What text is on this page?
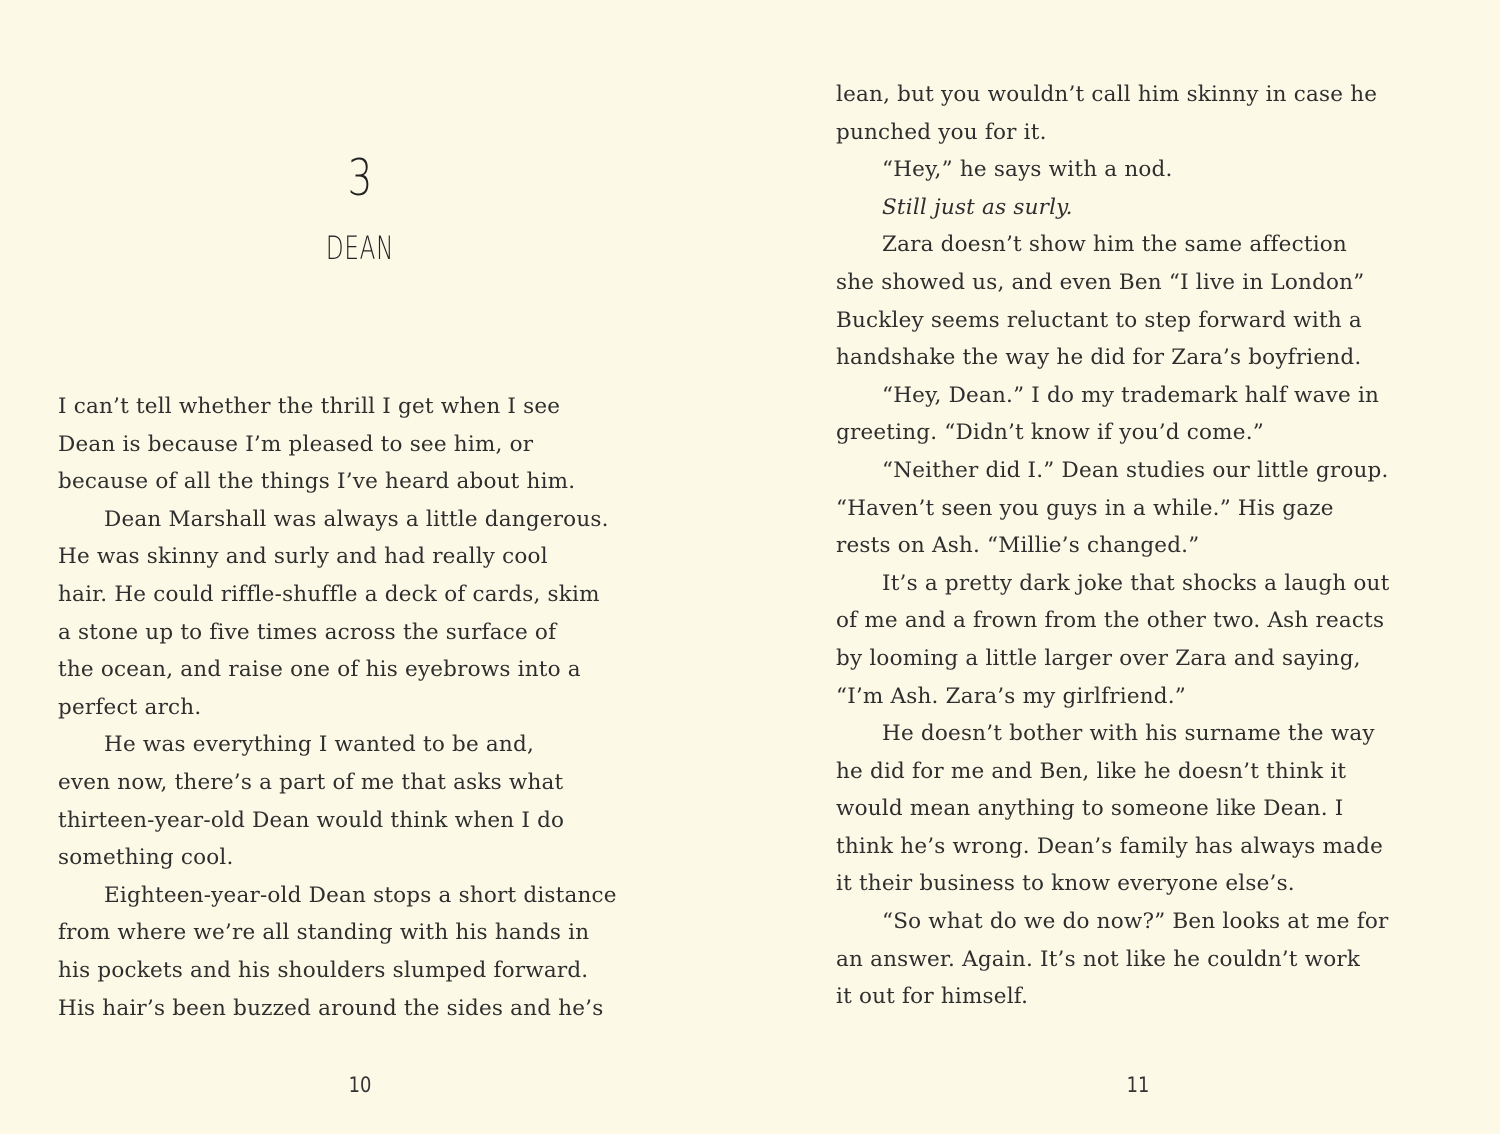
3
DEAN
I can’t tell whether the thrill I get when I see
Dean is because I’m pleased to see him, or
because of all the things I’ve heard about him.
Dean Marshall was always a little dangerous.
He was skinny and surly and had really cool
hair. He could riffle-shuffle a deck of cards, skim
a stone up to five times across the surface of
the ocean, and raise one of his eyebrows into a
perfect arch.
He was everything I wanted to be and,
even now, there’s a part of me that asks what
thirteen-year-old Dean would think when I do
something cool.
Eighteen-year-old Dean stops a short distance
from where we’re all standing with his hands in
his pockets and his shoulders slumped forward.
His hair’s been buzzed around the sides and he’s
10
lean, but you wouldn’t call him skinny in case he
punched you for it.
“Hey,” he says with a nod.
Still just as surly.
Zara doesn’t show him the same affection
she showed us, and even Ben “I live in London”
Buckley seems reluctant to step forward with a
handshake the way he did for Zara’s boyfriend.
“Hey, Dean.” I do my trademark half wave in
greeting. “Didn’t know if you’d come.”
“Neither did I.” Dean studies our little group.
“Haven’t seen you guys in a while.” His gaze
rests on Ash. “Millie’s changed.”
It’s a pretty dark joke that shocks a laugh out
of me and a frown from the other two. Ash reacts
by looming a little larger over Zara and saying,
“I’m Ash. Zara’s my girlfriend.”
He doesn’t bother with his surname the way
he did for me and Ben, like he doesn’t think it
would mean anything to someone like Dean. I
think he’s wrong. Dean’s family has always made
it their business to know everyone else’s.
“So what do we do now?” Ben looks at me for
an answer. Again. It’s not like he couldn’t work
it out for himself.
11
